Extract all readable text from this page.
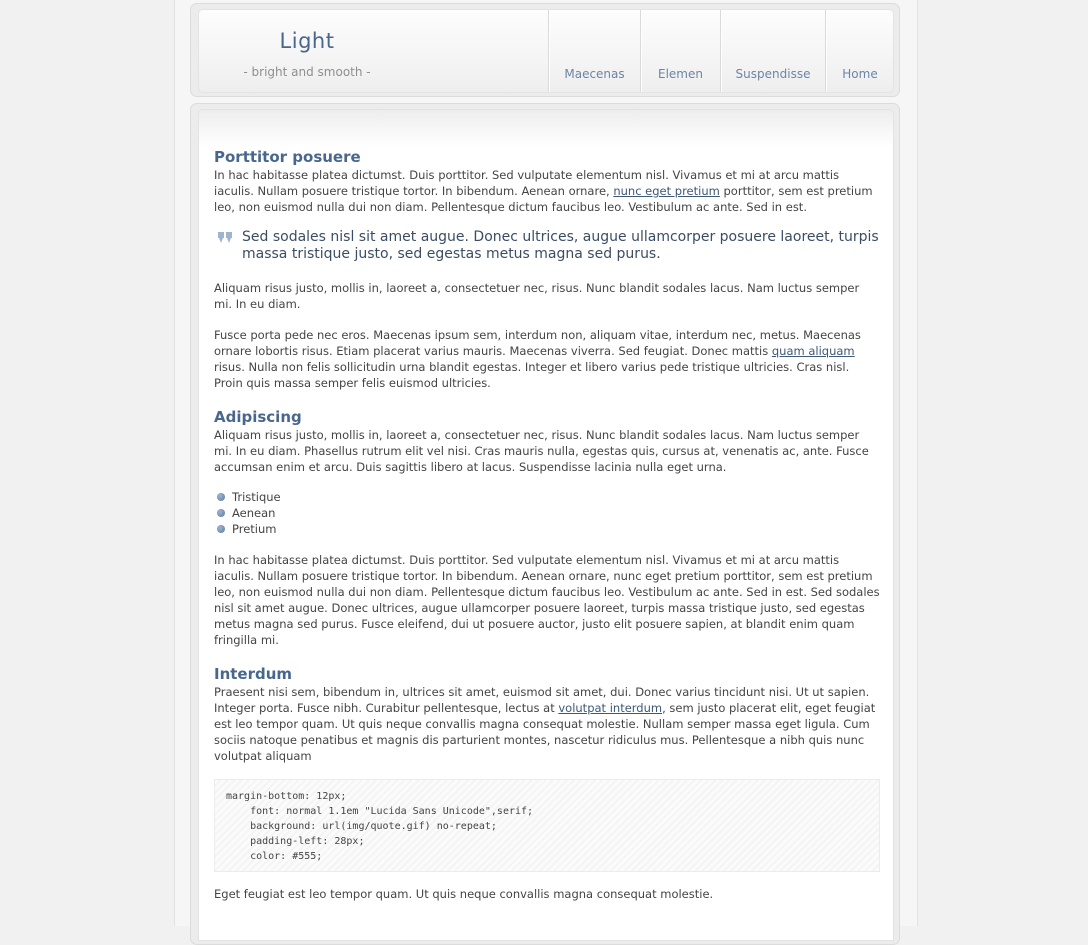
Light
- bright and smooth -	Maecenas	Elemen	Suspendisse	Home
Porttitor posuere

In hac habitasse platea dictumst. Duis porttitor. Sed vulputate elementum nisl. Vivamus et mi at arcu mattis iaculis. Nullam posuere tristique tortor. In bibendum. Aenean ornare, nunc eget pretium porttitor, sem est pretium leo, non euismod nulla dui non diam. Pellentesque dictum faucibus leo. Vestibulum ac ante. Sed in est.

Sed sodales nisl sit amet augue. Donec ultrices, augue ullamcorper posuere laoreet, turpis massa tristique justo, sed egestas metus magna sed purus.

Aliquam risus justo, mollis in, laoreet a, consectetuer nec, risus. Nunc blandit sodales lacus. Nam luctus semper mi. In eu diam.

Fusce porta pede nec eros. Maecenas ipsum sem, interdum non, aliquam vitae, interdum nec, metus. Maecenas ornare lobortis risus. Etiam placerat varius mauris. Maecenas viverra. Sed feugiat. Donec mattis quam aliquam risus. Nulla non felis sollicitudin urna blandit egestas. Integer et libero varius pede tristique ultricies. Cras nisl. Proin quis massa semper felis euismod ultricies.

Adipiscing

Aliquam risus justo, mollis in, laoreet a, consectetuer nec, risus. Nunc blandit sodales lacus. Nam luctus semper mi. In eu diam. Phasellus rutrum elit vel nisi. Cras mauris nulla, egestas quis, cursus at, venenatis ac, ante. Fusce accumsan enim et arcu. Duis sagittis libero at lacus. Suspendisse lacinia nulla eget urna.

Tristique
Aenean
Pretium

In hac habitasse platea dictumst. Duis porttitor. Sed vulputate elementum nisl. Vivamus et mi at arcu mattis iaculis. Nullam posuere tristique tortor. In bibendum. Aenean ornare, nunc eget pretium porttitor, sem est pretium leo, non euismod nulla dui non diam. Pellentesque dictum faucibus leo. Vestibulum ac ante. Sed in est. Sed sodales nisl sit amet augue. Donec ultrices, augue ullamcorper posuere laoreet, turpis massa tristique justo, sed egestas metus magna sed purus. Fusce eleifend, dui ut posuere auctor, justo elit posuere sapien, at blandit enim quam fringilla mi.

Interdum

Praesent nisi sem, bibendum in, ultrices sit amet, euismod sit amet, dui. Donec varius tincidunt nisi. Ut ut sapien. Integer porta. Fusce nibh. Curabitur pellentesque, lectus at volutpat interdum, sem justo placerat elit, eget feugiat est leo tempor quam. Ut quis neque convallis magna consequat molestie. Nullam semper massa eget ligula. Cum sociis natoque penatibus et magnis dis parturient montes, nascetur ridiculus mus. Pellentesque a nibh quis nunc volutpat aliquam

margin-bottom: 12px;
font: normal 1.1em "Lucida Sans Unicode",serif;
background: url(img/quote.gif) no-repeat;
padding-left: 28px;
color: #555;

Eget feugiat est leo tempor quam. Ut quis neque convallis magna consequat molestie.
